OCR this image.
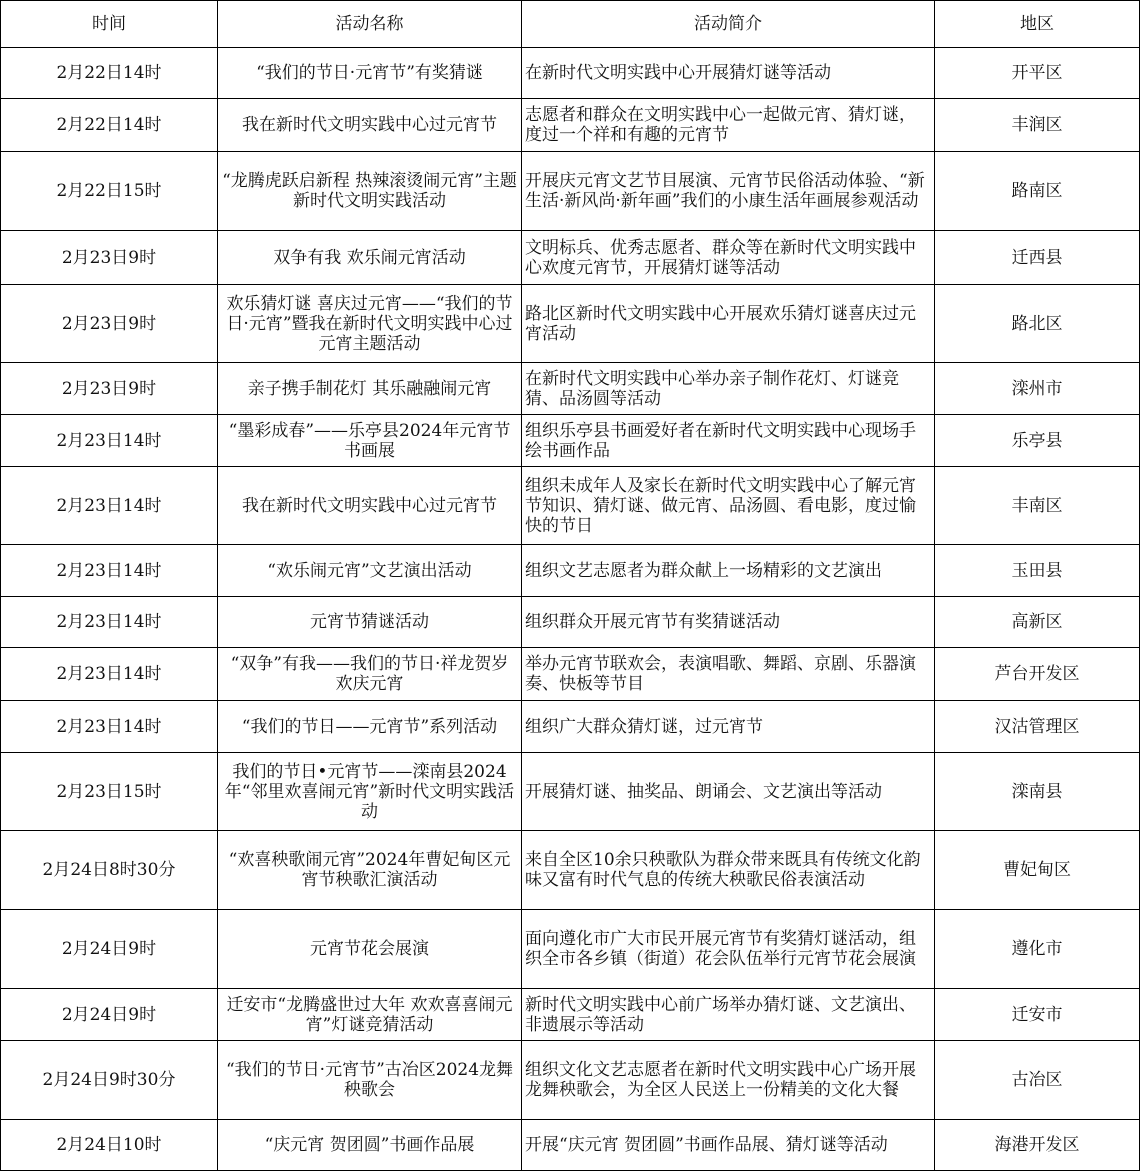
时间	活动名称	活动简介	地区
2月22日14时	“我们的节日·元宵节”有奖猜谜	在新时代文明实践中心开展猜灯谜等活动	开平区
2月22日14时	我在新时代文明实践中心过元宵节	志愿者和群众在文明实践中心一起做元宵、猜灯谜，度过一个祥和有趣的元宵节	丰润区
2月22日15时	“龙腾虎跃启新程 热辣滚烫闹元宵”主题新时代文明实践活动	开展庆元宵文艺节目展演、元宵节民俗活动体验、“新生活·新风尚·新年画”我们的小康生活年画展参观活动	路南区
2月23日9时	双争有我 欢乐闹元宵活动	文明标兵、优秀志愿者、群众等在新时代文明实践中心欢度元宵节，开展猜灯谜等活动	迁西县
2月23日9时	欢乐猜灯谜 喜庆过元宵——“我们的节日·元宵”暨我在新时代文明实践中心过元宵主题活动	路北区新时代文明实践中心开展欢乐猜灯谜喜庆过元宵活动	路北区
2月23日9时	亲子携手制花灯 其乐融融闹元宵	在新时代文明实践中心举办亲子制作花灯、灯谜竞猜、品汤圆等活动	滦州市
2月23日14时	“墨彩成春”——乐亭县2024年元宵节书画展	组织乐亭县书画爱好者在新时代文明实践中心现场手绘书画作品	乐亭县
2月23日14时	我在新时代文明实践中心过元宵节	组织未成年人及家长在新时代文明实践中心了解元宵节知识、猜灯谜、做元宵、品汤圆、看电影，度过愉快的节日	丰南区
2月23日14时	“欢乐闹元宵”文艺演出活动	组织文艺志愿者为群众献上一场精彩的文艺演出	玉田县
2月23日14时	元宵节猜谜活动	组织群众开展元宵节有奖猜谜活动	高新区
2月23日14时	“双争”有我——我们的节日·祥龙贺岁 欢庆元宵	举办元宵节联欢会，表演唱歌、舞蹈、京剧、乐器演奏、快板等节目	芦台开发区
2月23日14时	“我们的节日——元宵节”系列活动	组织广大群众猜灯谜，过元宵节	汉沽管理区
2月23日15时	我们的节日•元宵节——滦南县2024年“邻里欢喜闹元宵”新时代文明实践活动	开展猜灯谜、抽奖品、朗诵会、文艺演出等活动	滦南县
2月24日8时30分	“欢喜秧歌闹元宵”2024年曹妃甸区元宵节秧歌汇演活动	来自全区10余只秧歌队为群众带来既具有传统文化韵味又富有时代气息的传统大秧歌民俗表演活动	曹妃甸区
2月24日9时	元宵节花会展演	面向遵化市广大市民开展元宵节有奖猜灯谜活动，组织全市各乡镇（街道）花会队伍举行元宵节花会展演	遵化市
2月24日9时	迁安市“龙腾盛世过大年 欢欢喜喜闹元宵”灯谜竞猜活动	新时代文明实践中心前广场举办猜灯谜、文艺演出、非遗展示等活动	迁安市
2月24日9时30分	“我们的节日·元宵节”古冶区2024龙舞秧歌会	组织文化文艺志愿者在新时代文明实践中心广场开展龙舞秧歌会，为全区人民送上一份精美的文化大餐	古冶区
2月24日10时	“庆元宵 贺团圆”书画作品展	开展“庆元宵 贺团圆”书画作品展、猜灯谜等活动	海港开发区
